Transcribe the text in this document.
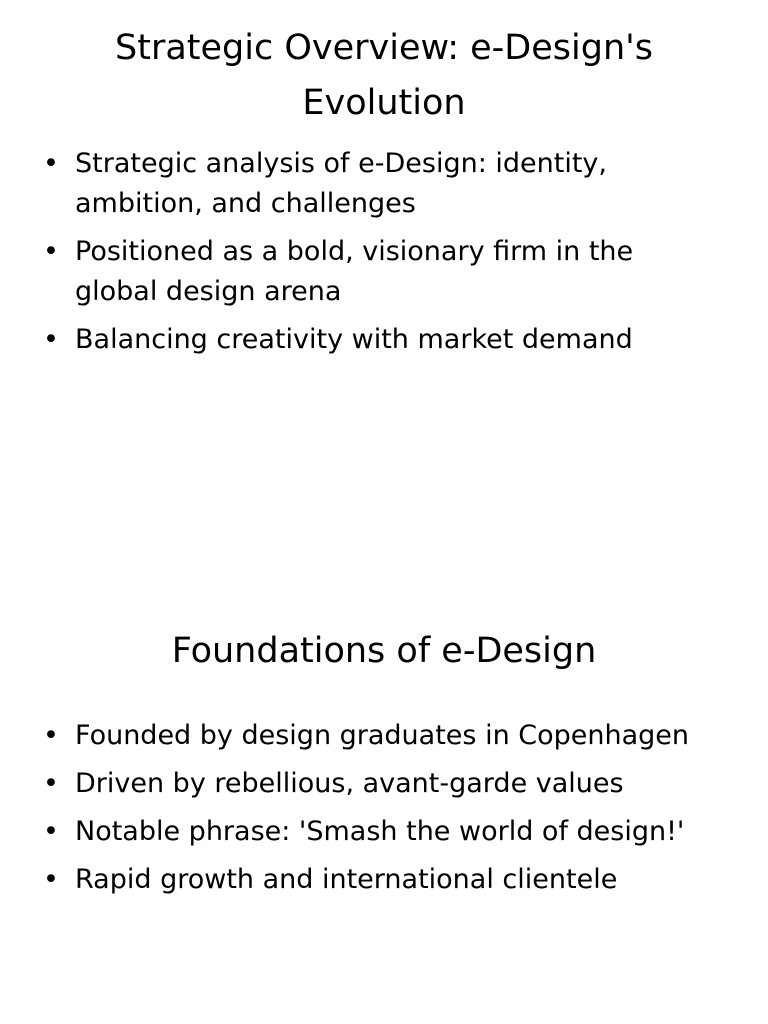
Strategic Overview: e-Design's Evolution
• Strategic analysis of e-Design: identity, ambition, and challenges
• Positioned as a bold, visionary firm in the global design arena
• Balancing creativity with market demand
Foundations of e-Design
• Founded by design graduates in Copenhagen
• Driven by rebellious, avant-garde values
• Notable phrase: 'Smash the world of design!'
• Rapid growth and international clientele
